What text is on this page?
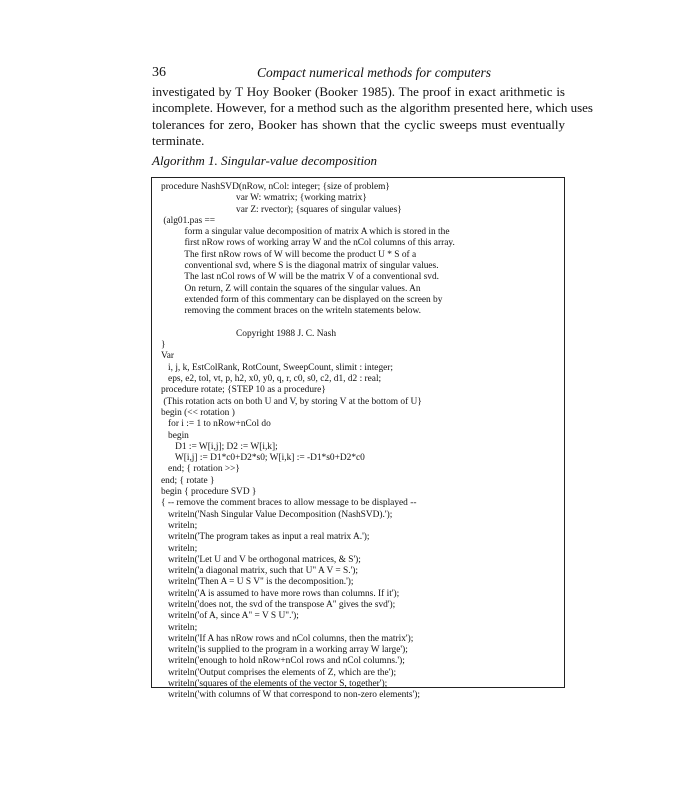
36	Compact numerical methods for computers
investigated by T Hoy Booker (Booker 1985). The proof in exact arithmetic is
incomplete. However, for a method such as the algorithm presented here, which uses
tolerances for zero, Booker has shown that the cyclic sweeps must eventually
terminate.
Algorithm 1. Singular-value decomposition
procedure NashSVD(nRow, nCol: integer; {size of problem}
var W: wmatrix; {working matrix}
var Z: rvector); {squares of singular values}
(alg01.pas ==
form a singular value decomposition of matrix A which is stored in the
first nRow rows of working array W and the nCol columns of this array.
The first nRow rows of W will become the product U * S of a
conventional svd, where S is the diagonal matrix of singular values.
The last nCol rows of W will be the matrix V of a conventional svd.
On return, Z will contain the squares of the singular values. An
extended form of this commentary can be displayed on the screen by
removing the comment braces on the writeln statements below.
Copyright 1988 J. C. Nash
}
Var
i, j, k, EstColRank, RotCount, SweepCount, slimit : integer;
eps, e2, tol, vt, p, h2, x0, y0, q, r, c0, s0, c2, d1, d2 : real;
procedure rotate; {STEP 10 as a procedure}
(This rotation acts on both U and V, by storing V at the bottom of U}
begin (<< rotation )
for i := 1 to nRow+nCol do
begin
D1 := W[i,j]; D2 := W[i,k];
W[i,j] := D1*c0+D2*s0; W[i,k] := -D1*s0+D2*c0
end; { rotation >>}
end; { rotate }
begin { procedure SVD }
{ -- remove the comment braces to allow message to be displayed --
writeln('Nash Singular Value Decomposition (NashSVD).');
writeln;
writeln('The program takes as input a real matrix A.');
writeln;
writeln('Let U and V be orthogonal matrices, & S');
writeln('a diagonal matrix, such that U" A V = S.');
writeln('Then A = U S V" is the decomposition.');
writeln('A is assumed to have more rows than columns. If it');
writeln('does not, the svd of the transpose A" gives the svd');
writeln('of A, since A" = V S U".');
writeln;
writeln('If A has nRow rows and nCol columns, then the matrix');
writeln('is supplied to the program in a working array W large');
writeln('enough to hold nRow+nCol rows and nCol columns.');
writeln('Output comprises the elements of Z, which are the');
writeln('squares of the elements of the vector S, together');
writeln('with columns of W that correspond to non-zero elements');
